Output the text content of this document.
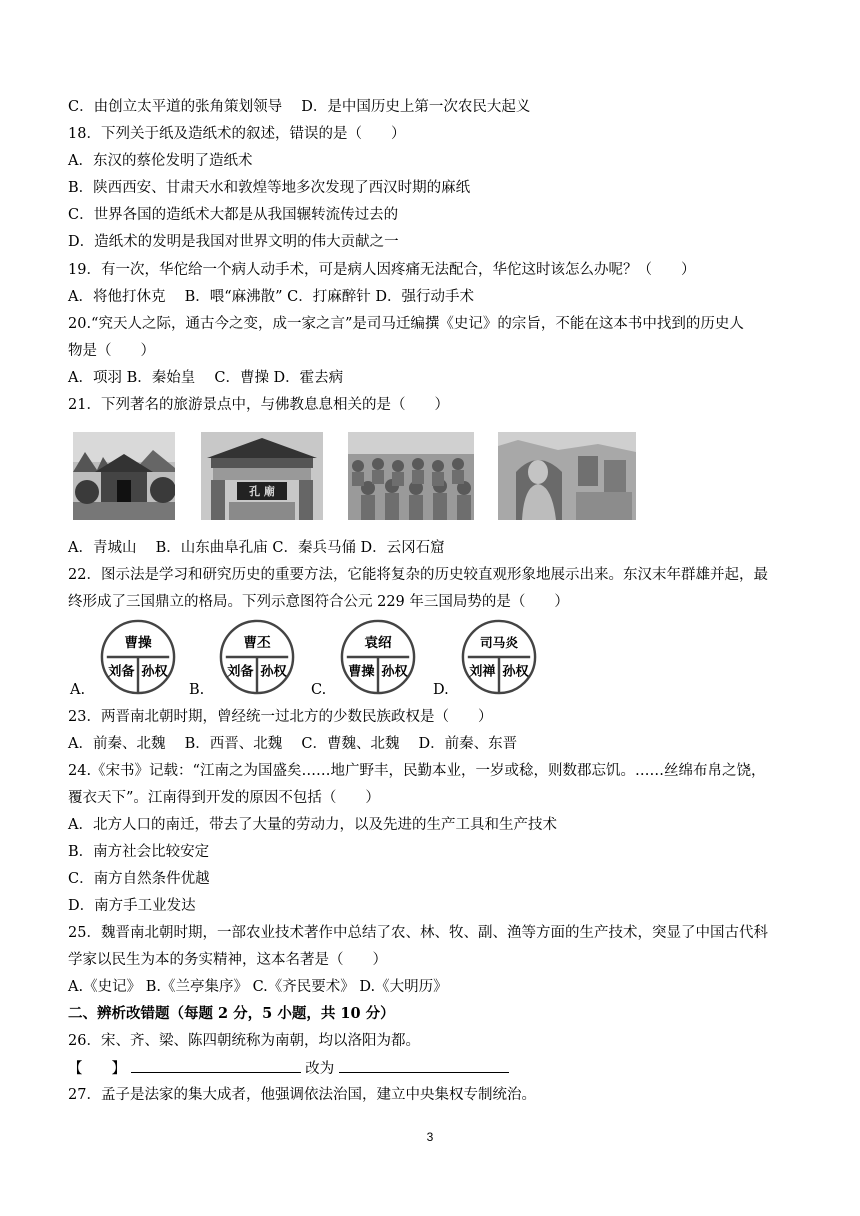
C．由创立太平道的张角策划领导　 D．是中国历史上第一次农民大起义
18．下列关于纸及造纸术的叙述，错误的是（　　）
A．东汉的蔡伦发明了造纸术
B．陕西西安、甘肃天水和敦煌等地多次发现了西汉时期的麻纸
C．世界各国的造纸术大都是从我国辗转流传过去的
D．造纸术的发明是我国对世界文明的伟大贡献之一
19．有一次，华佗给一个病人动手术，可是病人因疼痛无法配合，华佗这时该怎么办呢？（　　）
A．将他打休克　 B．喂“麻沸散” C．打麻醉针 D．强行动手术
20.“究天人之际，通古今之变，成一家之言”是司马迁编撰《史记》的宗旨，不能在这本书中找到的历史人
物是（　　）
A．项羽 B．秦始皇　 C．曹操 D．霍去病
21．下列著名的旅游景点中，与佛教息息相关的是（　　）
孔 廟
A．青城山　 B．山东曲阜孔庙 C．秦兵马俑 D．云冈石窟
22．图示法是学习和研究历史的重要方法，它能将复杂的历史较直观形象地展示出来。东汉末年群雄并起，最
终形成了三国鼎立的格局。下列示意图符合公元 229 年三国局势的是（　　）
A.
曹操
刘备 孙权
B.
曹丕
刘备 孙权
C.
袁绍
曹操 孙权
D.
司马炎
刘禅 孙权
23．两晋南北朝时期，曾经统一过北方的少数民族政权是（　　）
A．前秦、北魏　 B．西晋、北魏　 C．曹魏、北魏　 D．前秦、东晋
24.《宋书》记载：“江南之为国盛矣……地广野丰，民勤本业，一岁或稔，则数郡忘饥。……丝绵布帛之饶，
覆衣天下”。江南得到开发的原因不包括（　　）
A．北方人口的南迁，带去了大量的劳动力，以及先进的生产工具和生产技术
B．南方社会比较安定
C．南方自然条件优越
D．南方手工业发达
25．魏晋南北朝时期，一部农业技术著作中总结了农、林、牧、副、渔等方面的生产技术，突显了中国古代科
学家以民生为本的务实精神，这本名著是（　　）
A.《史记》 B.《兰亭集序》 C.《齐民要术》 D.《大明历》
二、辨析改错题（每题 2 分，5 小题，共 10 分）
26．宋、齐、梁、陈四朝统称为南朝，均以洛阳为都。
【　　】	改为
27．孟子是法家的集大成者，他强调依法治国，建立中央集权专制统治。
3
